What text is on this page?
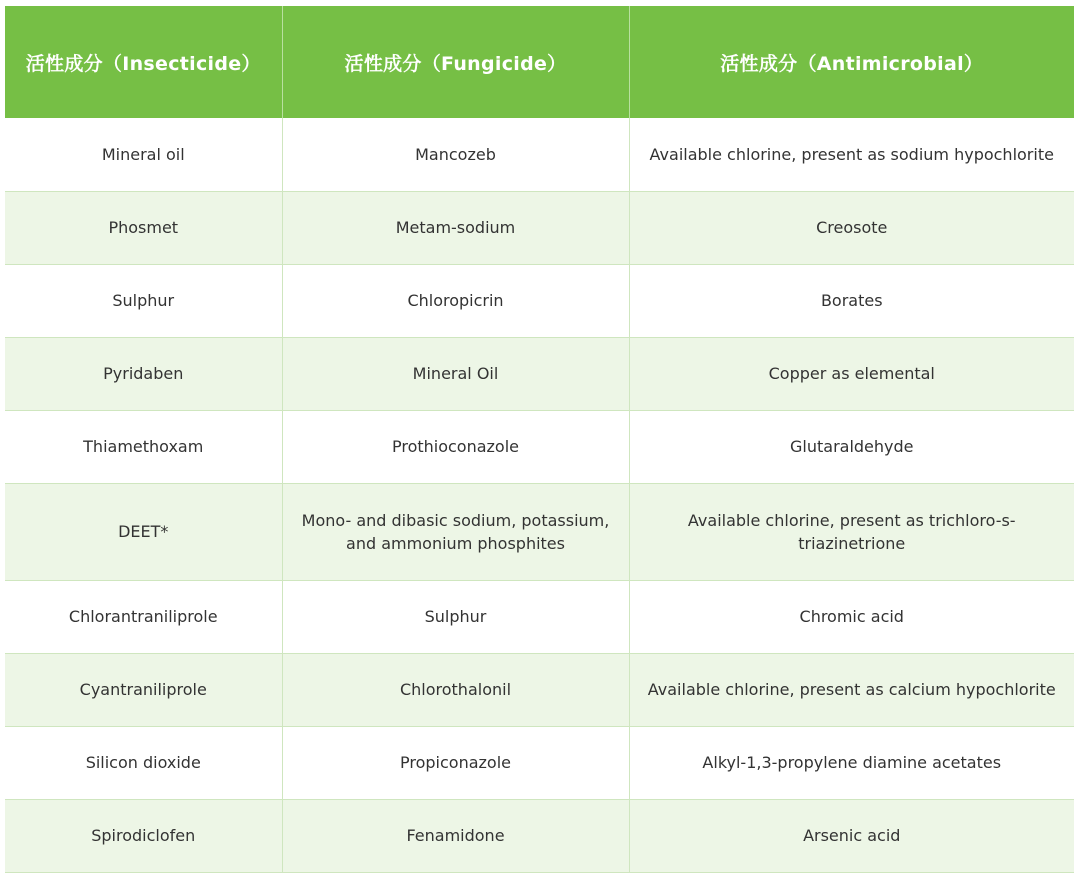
活性成分（Insecticide）	活性成分（Fungicide）	活性成分（Antimicrobial）
Mineral oil	Mancozeb	Available chlorine, present as sodium hypochlorite
Phosmet	Metam-sodium	Creosote
Sulphur	Chloropicrin	Borates
Pyridaben	Mineral Oil	Copper as elemental
Thiamethoxam	Prothioconazole	Glutaraldehyde
DEET*	Mono- and dibasic sodium, potassium, and ammonium phosphites	Available chlorine, present as trichloro-s-triazinetrione
Chlorantraniliprole	Sulphur	Chromic acid
Cyantraniliprole	Chlorothalonil	Available chlorine, present as calcium hypochlorite
Silicon dioxide	Propiconazole	Alkyl-1,3-propylene diamine acetates
Spirodiclofen	Fenamidone	Arsenic acid
